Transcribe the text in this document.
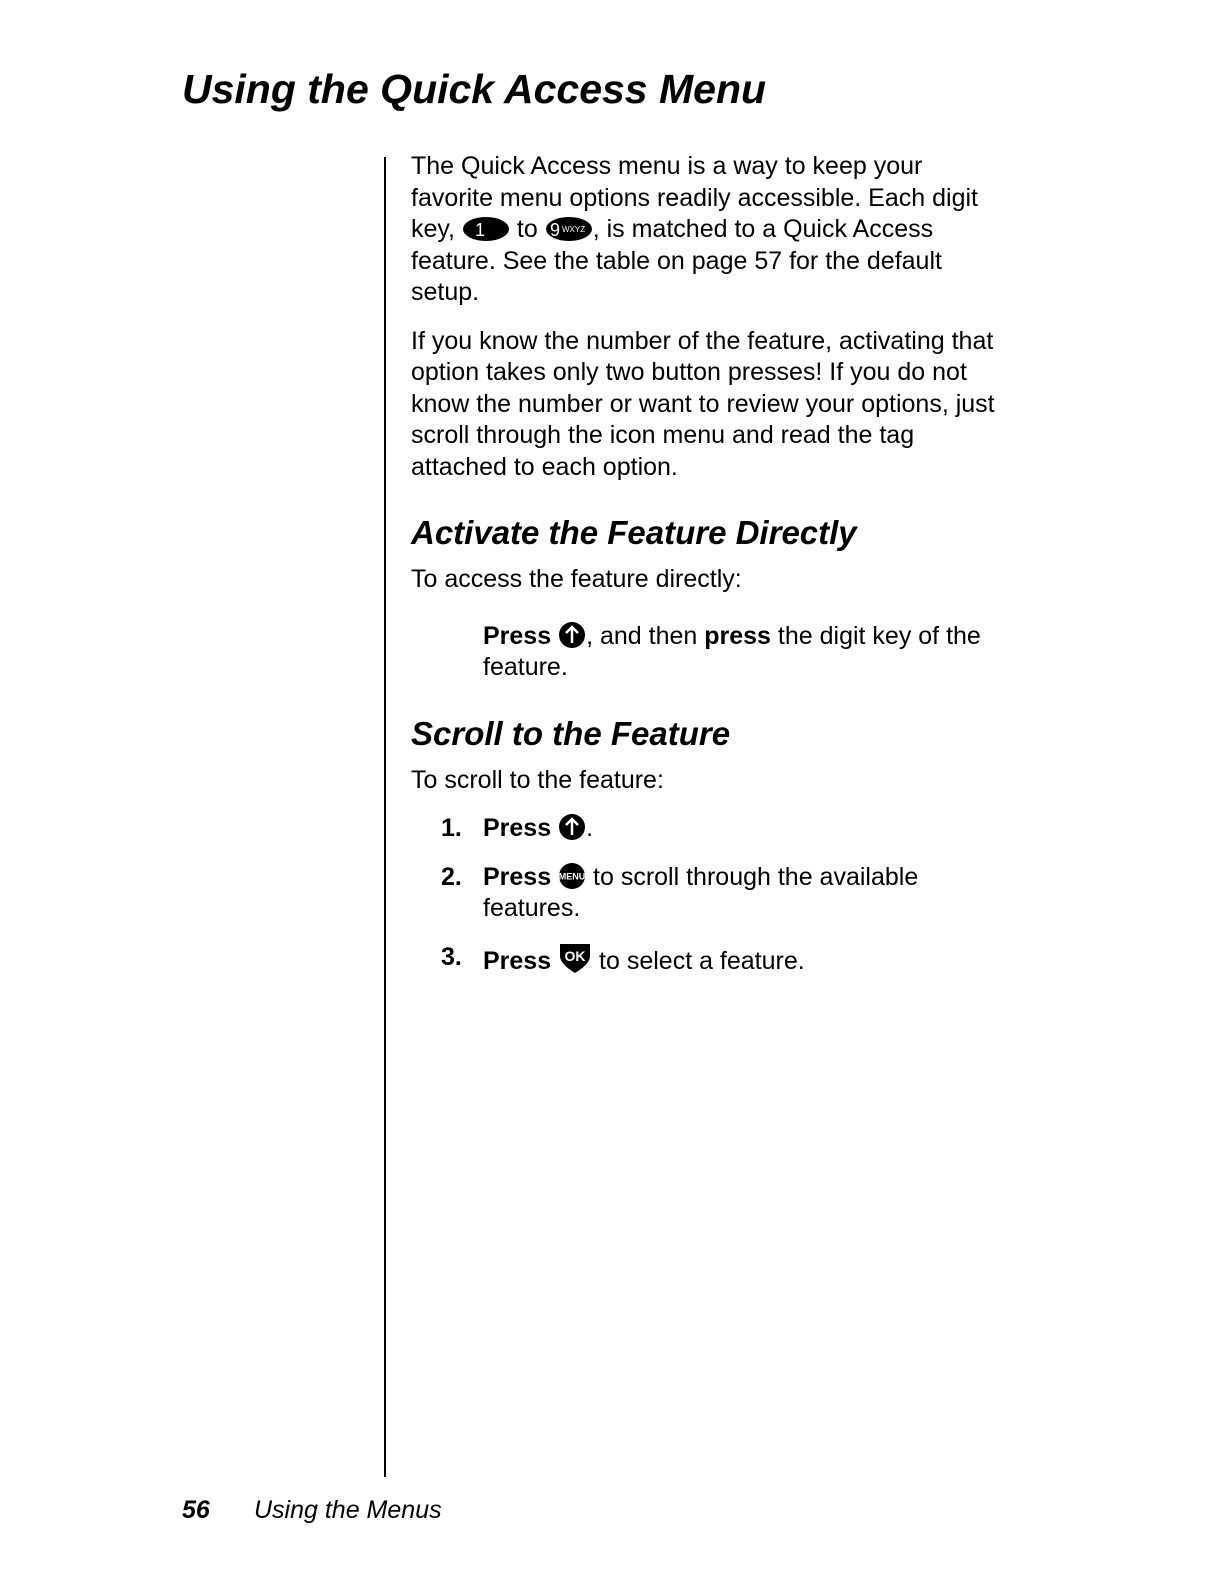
Using the Quick Access Menu

The Quick Access menu is a way to keep your favorite menu options readily accessible. Each digit key, 1 to 9 WXYZ , is matched to a Quick Access feature. See the table on page 57 for the default setup.

If you know the number of the feature, activating that option takes only two button presses! If you do not know the number or want to review your options, just scroll through the icon menu and read the tag attached to each option.

Activate the Feature Directly

To access the feature directly:

Press , and then press the digit key of the feature.

Scroll to the Feature

To scroll to the feature:

1. Press .
2. Press MENU to scroll through the available features.
3. Press OK to select a feature.
56 Using the Menus
